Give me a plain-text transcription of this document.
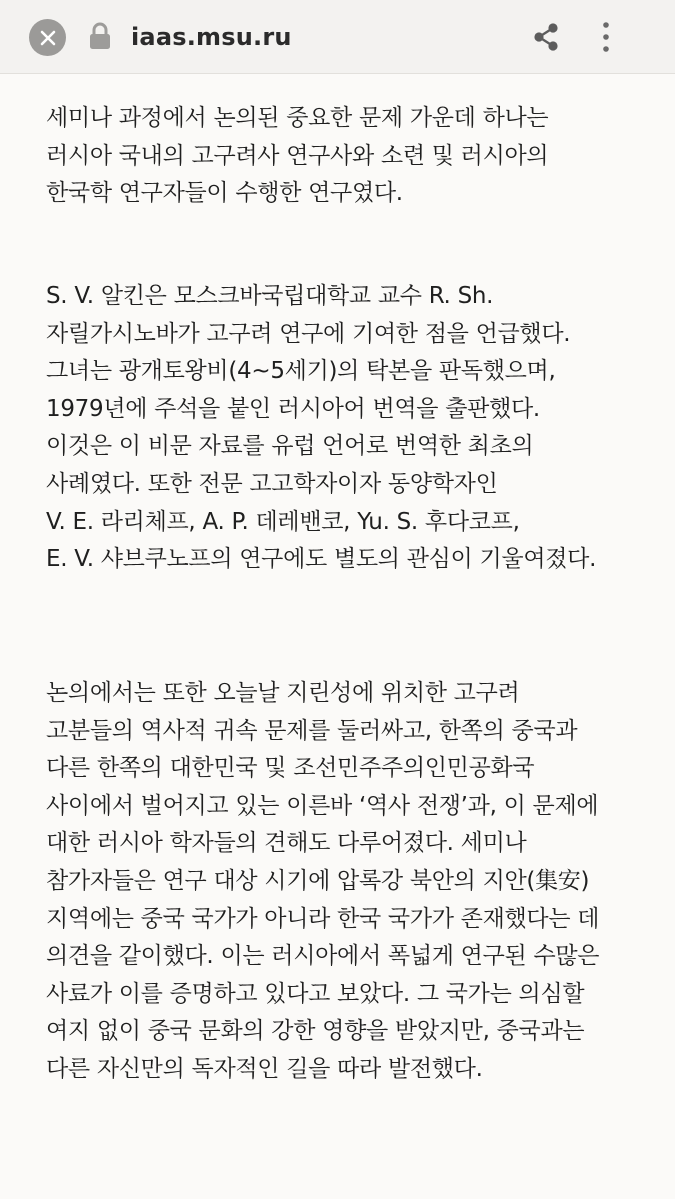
iaas.msu.ru

세미나 과정에서 논의된 중요한 문제 가운데 하나는
러시아 국내의 고구려사 연구사와 소련 및 러시아의
한국학 연구자들이 수행한 연구였다.

S. V. 알킨은 모스크바국립대학교 교수 R. Sh.
자릴가시노바가 고구려 연구에 기여한 점을 언급했다.
그녀는 광개토왕비(4~5세기)의 탁본을 판독했으며,
1979년에 주석을 붙인 러시아어 번역을 출판했다.
이것은 이 비문 자료를 유럽 언어로 번역한 최초의
사례였다. 또한 전문 고고학자이자 동양학자인
V. E. 라리체프, A. P. 데레밴코, Yu. S. 후다코프,
E. V. 샤브쿠노프의 연구에도 별도의 관심이 기울여졌다.

논의에서는 또한 오늘날 지린성에 위치한 고구려
고분들의 역사적 귀속 문제를 둘러싸고, 한쪽의 중국과
다른 한쪽의 대한민국 및 조선민주주의인민공화국
사이에서 벌어지고 있는 이른바 ‘역사 전쟁’과, 이 문제에
대한 러시아 학자들의 견해도 다루어졌다. 세미나
참가자들은 연구 대상 시기에 압록강 북안의 지안(集安)
지역에는 중국 국가가 아니라 한국 국가가 존재했다는 데
의견을 같이했다. 이는 러시아에서 폭넓게 연구된 수많은
사료가 이를 증명하고 있다고 보았다. 그 국가는 의심할
여지 없이 중국 문화의 강한 영향을 받았지만, 중국과는
다른 자신만의 독자적인 길을 따라 발전했다.
